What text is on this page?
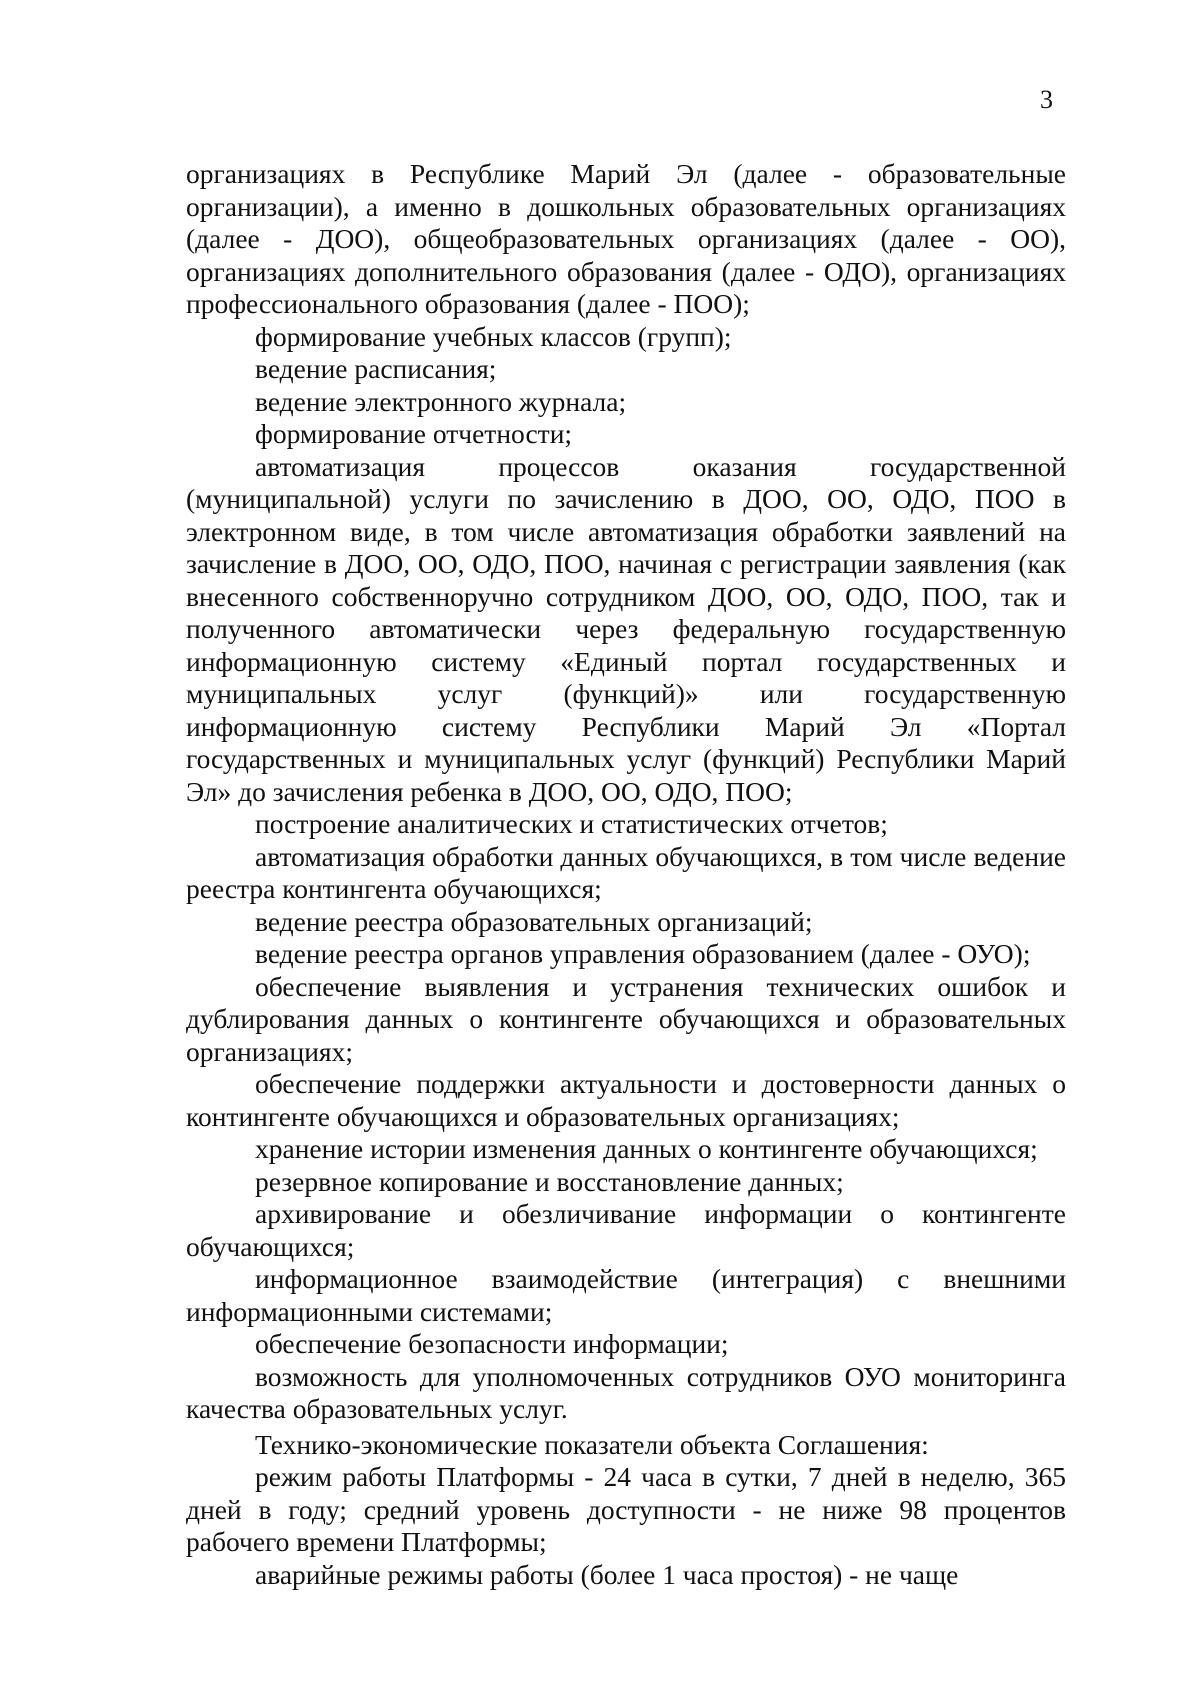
3

организациях в Республике Марий Эл (далее - образовательные организации), а именно в дошкольных образовательных организациях (далее - ДОО), общеобразовательных организациях (далее - ОО), организациях дополнительного образования (далее - ОДО), организациях профессионального образования (далее - ПОО);

формирование учебных классов (групп);

ведение расписания;

ведение электронного журнала;

формирование отчетности;

автоматизация процессов оказания государственной (муниципальной) услуги по зачислению в ДОО, ОО, ОДО, ПОО в электронном виде, в том числе автоматизация обработки заявлений на зачисление в ДОО, ОО, ОДО, ПОО, начиная с регистрации заявления (как внесенного собственноручно сотрудником ДОО, ОО, ОДО, ПОО, так и полученного автоматически через федеральную государственную информационную систему «Единый портал государственных и муниципальных услуг (функций)» или государственную информационную систему Республики Марий Эл «Портал государственных и муниципальных услуг (функций) Республики Марий Эл» до зачисления ребенка в ДОО, ОО, ОДО, ПОО;

построение аналитических и статистических отчетов;

автоматизация обработки данных обучающихся, в том числе ведение реестра контингента обучающихся;

ведение реестра образовательных организаций;

ведение реестра органов управления образованием (далее - ОУО);

обеспечение выявления и устранения технических ошибок и дублирования данных о контингенте обучающихся и образовательных организациях;

обеспечение поддержки актуальности и достоверности данных о контингенте обучающихся и образовательных организациях;

хранение истории изменения данных о контингенте обучающихся;

резервное копирование и восстановление данных;

архивирование и обезличивание информации о контингенте обучающихся;

информационное взаимодействие (интеграция) с внешними информационными системами;

обеспечение безопасности информации;

возможность для уполномоченных сотрудников ОУО мониторинга качества образовательных услуг.

Технико-экономические показатели объекта Соглашения:

режим работы Платформы - 24 часа в сутки, 7 дней в неделю, 365 дней в году; средний уровень доступности - не ниже 98 процентов рабочего времени Платформы;

аварийные режимы работы (более 1 часа простоя) - не чаще
